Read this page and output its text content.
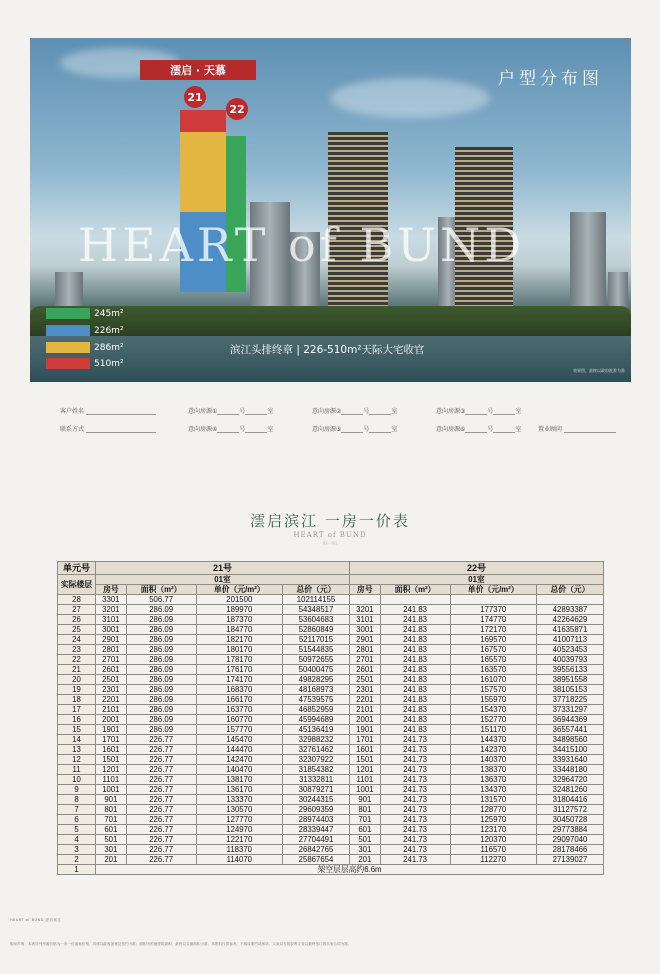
澐启 · 天慕
21
22
户型分布图
HEART of BUND
245m²
226m²
286m²
510m²
滨江头排终章 | 226-510m²天际大宅收官
效果图，最终以政府批准为准
客户姓名	意向房源①	号	室	意向房源②	号	室	意向房源③	号	室
联系方式	意向房源④	号	室	意向房源⑤	号	室	意向房源⑥	号	室	置业顾问
澐启滨江 一房一价表
HEART of BUND
澐启 · 滨江
单元号	21号				22号			
实际楼层	01室				01室			
	房号	面积（m²）	单价（元/m²）	总价（元）	房号	面积（m²）	单价（元/m²）	总价（元）
28	3301	506.77	201500	102114155				
27	3201	286.09	189970	54348517	3201	241.83	177370	42893387
26	3101	286.09	187370	53604683	3101	241.83	174770	42264629
25	3001	286.09	184770	52860849	3001	241.83	172170	41635871
24	2901	286.09	182170	52117015	2901	241.83	169570	41007113
23	2801	286.09	180170	51544835	2801	241.83	167570	40523453
22	2701	286.09	178170	50972655	2701	241.83	165570	40039793
21	2601	286.09	176170	50400475	2601	241.83	163570	39556133
20	2501	286.09	174170	49828295	2501	241.83	161070	38951558
19	2301	286.09	168370	48168973	2301	241.83	157570	38105153
18	2201	286.09	166170	47539575	2201	241.83	155970	37718225
17	2101	286.09	163770	46852959	2101	241.83	154370	37331297
16	2001	286.09	160770	45994689	2001	241.83	152770	36944369
15	1901	286.09	157770	45136419	1901	241.83	151170	36557441
14	1701	226.77	145470	32988232	1701	241.73	144370	34898560
13	1601	226.77	144470	32761462	1601	241.73	142370	34415100
12	1501	226.77	142470	32307922	1501	241.73	140370	33931640
11	1201	226.77	140470	31854382	1201	241.73	138370	33448180
10	1101	226.77	138170	31332811	1101	241.73	136370	32964720
9	1001	226.77	136170	30879271	1001	241.73	134370	32481260
8	901	226.77	133370	30244315	901	241.73	131570	31804416
7	801	226.77	130570	29609359	801	241.73	128770	31127572
6	701	226.77	127770	28974403	701	241.73	125970	30450728
5	601	226.77	124970	28339447	601	241.73	123170	29773884
4	501	226.77	122170	27704491	501	241.73	120370	29097040
3	301	226.77	118370	26842765	301	241.73	116570	28178466
2	201	226.77	114070	25867654	201	241.73	112270	27139027
1	架空层层高约6.6m							
HEART of BUND 澐启滨江
购房声明：本表所列房源价格为一房一价备案价格，具体以政府备案及签约为准；面积为预测建筑面积，最终以实测面积为准；本资料仅供参考，不构成要约或承诺，买卖双方的权利义务以最终签订的买卖合同为准。
